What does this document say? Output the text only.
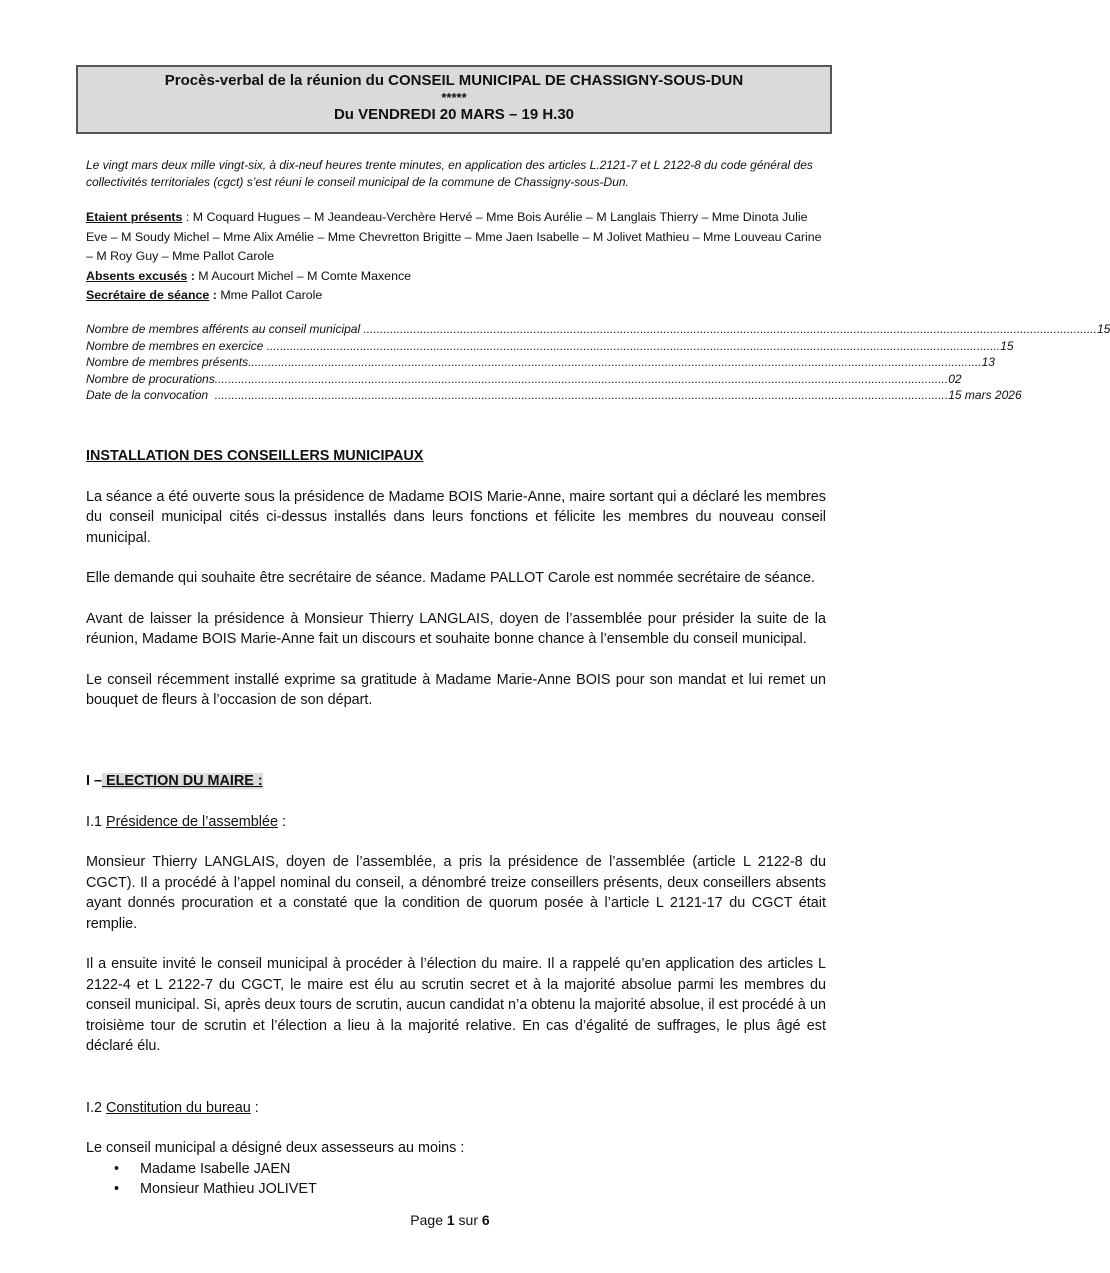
Procès-verbal de la réunion du CONSEIL MUNICIPAL DE CHASSIGNY-SOUS-DUN
*****
Du VENDREDI 20 MARS – 19 H.30
Le vingt mars deux mille vingt-six, à dix-neuf heures trente minutes, en application des articles L.2121-7 et L 2122-8 du code général des collectivités territoriales (cgct) s’est réuni le conseil municipal de la commune de Chassigny-sous-Dun.
Etaient présents : M Coquard Hugues – M Jeandeau-Verchère Hervé – Mme Bois Aurélie – M Langlais Thierry – Mme Dinota Julie Eve – M Soudy Michel – Mme Alix Amélie – Mme Chevretton Brigitte – Mme Jaen Isabelle – M Jolivet Mathieu – Mme Louveau Carine – M Roy Guy – Mme Pallot Carole
Absents excusés : M Aucourt Michel – M Comte Maxence
Secrétaire de séance : Mme Pallot Carole
Nombre de membres afférents au conseil municipal ............................................................................................................................................................................................................................ 15
Nombre de membres en exercice ............................................................................................................................................................................................................................ 15
Nombre de membres présents ............................................................................................................................................................................................................................ 13
Nombre de procurations ............................................................................................................................................................................................................................ 02
Date de la convocation ............................................................................................................................................................................................................................ 15 mars 2026
INSTALLATION DES CONSEILLERS MUNICIPAUX
La séance a été ouverte sous la présidence de Madame BOIS Marie-Anne, maire sortant qui a déclaré les membres du conseil municipal cités ci-dessus installés dans leurs fonctions et félicite les membres du nouveau conseil municipal.
Elle demande qui souhaite être secrétaire de séance. Madame PALLOT Carole est nommée secrétaire de séance.
Avant de laisser la présidence à Monsieur Thierry LANGLAIS, doyen de l’assemblée pour présider la suite de la réunion, Madame BOIS Marie-Anne fait un discours et souhaite bonne chance à l’ensemble du conseil municipal.
Le conseil récemment installé exprime sa gratitude à Madame Marie-Anne BOIS pour son mandat et lui remet un bouquet de fleurs à l’occasion de son départ.
I – ELECTION DU MAIRE :
I.1 Présidence de l’assemblée :
Monsieur Thierry LANGLAIS, doyen de l’assemblée, a pris la présidence de l’assemblée (article L 2122-8 du CGCT). Il a procédé à l’appel nominal du conseil, a dénombré treize conseillers présents, deux conseillers absents ayant donnés procuration et a constaté que la condition de quorum posée à l’article L 2121-17 du CGCT était remplie.
Il a ensuite invité le conseil municipal à procéder à l’élection du maire. Il a rappelé qu’en application des articles L 2122-4 et L 2122-7 du CGCT, le maire est élu au scrutin secret et à la majorité absolue parmi les membres du conseil municipal. Si, après deux tours de scrutin, aucun candidat n’a obtenu la majorité absolue, il est procédé à un troisième tour de scrutin et l’élection a lieu à la majorité relative. En cas d’égalité de suffrages, le plus âgé est déclaré élu.
I.2 Constitution du bureau :
Le conseil municipal a désigné deux assesseurs au moins :
• Madame Isabelle JAEN
• Monsieur Mathieu JOLIVET
Page 1 sur 6
